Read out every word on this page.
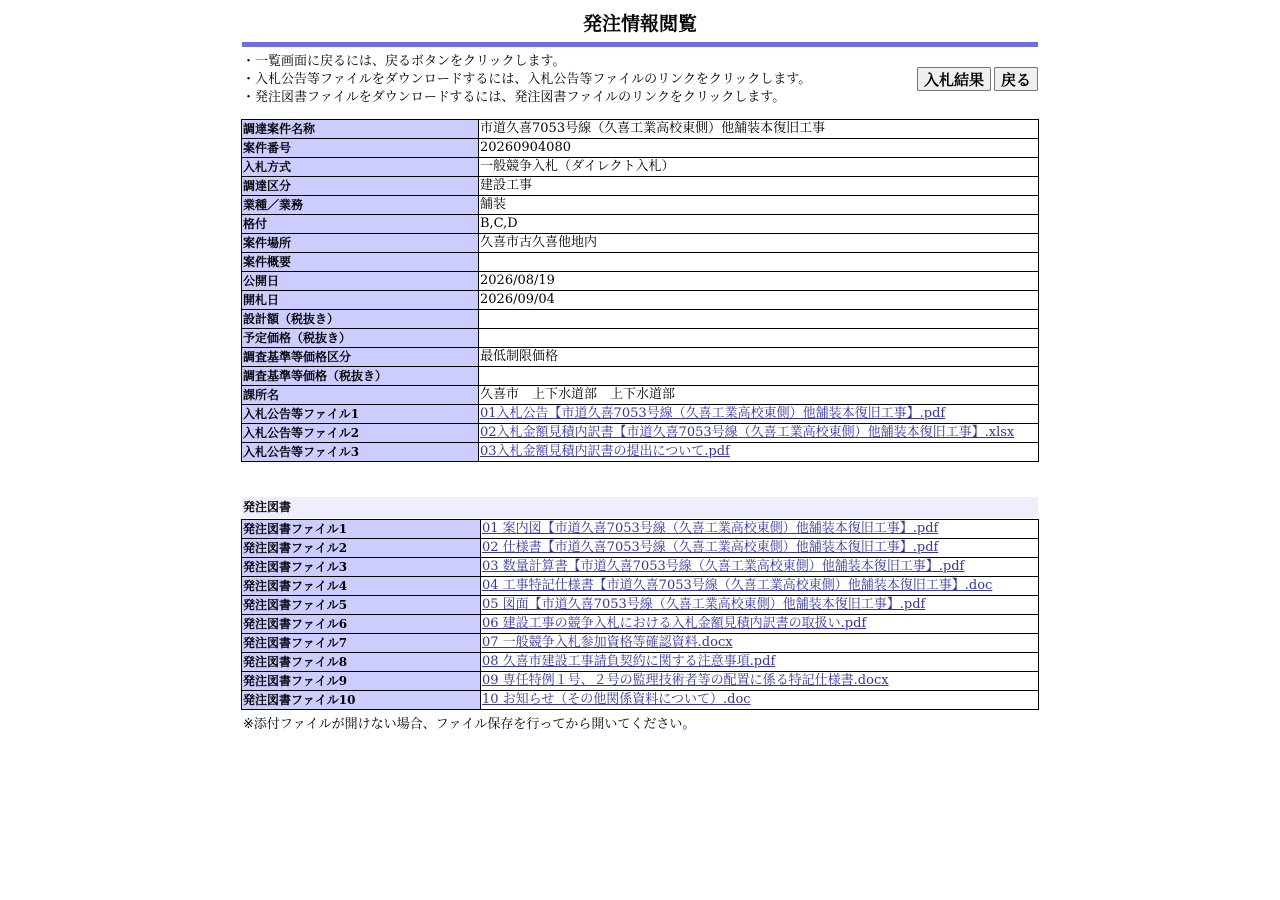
発注情報閲覧
・一覧画面に戻るには、戻るボタンをクリックします。
・入札公告等ファイルをダウンロードするには、入札公告等ファイルのリンクをクリックします。
・発注図書ファイルをダウンロードするには、発注図書ファイルのリンクをクリックします。
入札結果	戻る
調達案件名称	市道久喜7053号線（久喜工業高校東側）他舗装本復旧工事
案件番号	20260904080
入札方式	一般競争入札（ダイレクト入札）
調達区分	建設工事
業種／業務	舗装
格付	B,C,D
案件場所	久喜市古久喜他地内
案件概要	
公開日	2026/08/19
開札日	2026/09/04
設計額（税抜き）	
予定価格（税抜き）	
調査基準等価格区分	最低制限価格
調査基準等価格（税抜き）	
課所名	久喜市　上下水道部　上下水道部
入札公告等ファイル1	01入札公告【市道久喜7053号線（久喜工業高校東側）他舗装本復旧工事】.pdf
入札公告等ファイル2	02入札金額見積内訳書【市道久喜7053号線（久喜工業高校東側）他舗装本復旧工事】.xlsx
入札公告等ファイル3	03入札金額見積内訳書の提出について.pdf
発注図書
発注図書ファイル1	01 案内図【市道久喜7053号線（久喜工業高校東側）他舗装本復旧工事】.pdf
発注図書ファイル2	02 仕様書【市道久喜7053号線（久喜工業高校東側）他舗装本復旧工事】.pdf
発注図書ファイル3	03 数量計算書【市道久喜7053号線（久喜工業高校東側）他舗装本復旧工事】.pdf
発注図書ファイル4	04 工事特記仕様書【市道久喜7053号線（久喜工業高校東側）他舗装本復旧工事】.doc
発注図書ファイル5	05 図面【市道久喜7053号線（久喜工業高校東側）他舗装本復旧工事】.pdf
発注図書ファイル6	06 建設工事の競争入札における入札金額見積内訳書の取扱い.pdf
発注図書ファイル7	07 一般競争入札参加資格等確認資料.docx
発注図書ファイル8	08 久喜市建設工事請負契約に関する注意事項.pdf
発注図書ファイル9	09 専任特例１号、２号の監理技術者等の配置に係る特記仕様書.docx
発注図書ファイル10	10 お知らせ（その他関係資料について）.doc
※添付ファイルが開けない場合、ファイル保存を行ってから開いてください。
